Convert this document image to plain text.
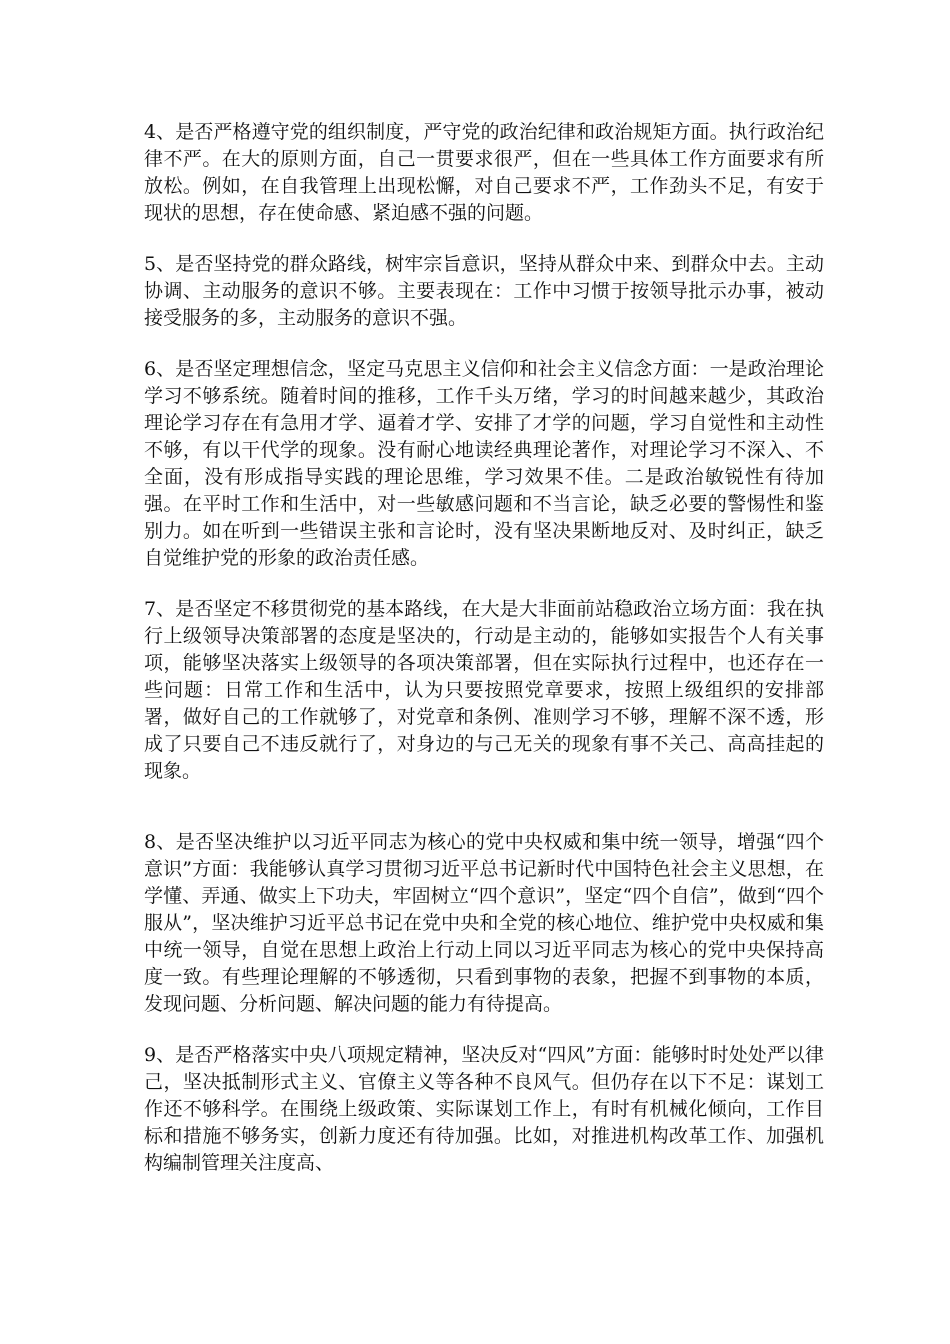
4、是否严格遵守党的组织制度，严守党的政治纪律和政治规矩方面。执行政治纪律不严。在大的原则方面，自己一贯要求很严，但在一些具体工作方面要求有所放松。例如，在自我管理上出现松懈，对自己要求不严，工作劲头不足，有安于现状的思想，存在使命感、紧迫感不强的问题。

5、是否坚持党的群众路线，树牢宗旨意识，坚持从群众中来、到群众中去。主动协调、主动服务的意识不够。主要表现在：工作中习惯于按领导批示办事，被动接受服务的多，主动服务的意识不强。

6、是否坚定理想信念，坚定马克思主义信仰和社会主义信念方面：一是政治理论学习不够系统。随着时间的推移，工作千头万绪，学习的时间越来越少，其政治理论学习存在有急用才学、逼着才学、安排了才学的问题，学习自觉性和主动性不够，有以干代学的现象。没有耐心地读经典理论著作，对理论学习不深入、不全面，没有形成指导实践的理论思维，学习效果不佳。二是政治敏锐性有待加强。在平时工作和生活中，对一些敏感问题和不当言论，缺乏必要的警惕性和鉴别力。如在听到一些错误主张和言论时，没有坚决果断地反对、及时纠正，缺乏自觉维护党的形象的政治责任感。

7、是否坚定不移贯彻党的基本路线，在大是大非面前站稳政治立场方面：我在执行上级领导决策部署的态度是坚决的，行动是主动的，能够如实报告个人有关事项，能够坚决落实上级领导的各项决策部署，但在实际执行过程中，也还存在一些问题：日常工作和生活中，认为只要按照党章要求，按照上级组织的安排部署，做好自己的工作就够了，对党章和条例、准则学习不够，理解不深不透，形成了只要自己不违反就行了，对身边的与己无关的现象有事不关己、高高挂起的现象。

8、是否坚决维护以习近平同志为核心的党中央权威和集中统一领导，增强“四个意识”方面：我能够认真学习贯彻习近平总书记新时代中国特色社会主义思想，在学懂、弄通、做实上下功夫，牢固树立“四个意识”，坚定“四个自信”，做到“四个服从”，坚决维护习近平总书记在党中央和全党的核心地位、维护党中央权威和集中统一领导，自觉在思想上政治上行动上同以习近平同志为核心的党中央保持高度一致。有些理论理解的不够透彻，只看到事物的表象，把握不到事物的本质，发现问题、分析问题、解决问题的能力有待提高。

9、是否严格落实中央八项规定精神，坚决反对“四风”方面：能够时时处处严以律己，坚决抵制形式主义、官僚主义等各种不良风气。但仍存在以下不足：谋划工作还不够科学。在围绕上级政策、实际谋划工作上，有时有机械化倾向，工作目标和措施不够务实，创新力度还有待加强。比如，对推进机构改革工作、加强机构编制管理关注度高、
